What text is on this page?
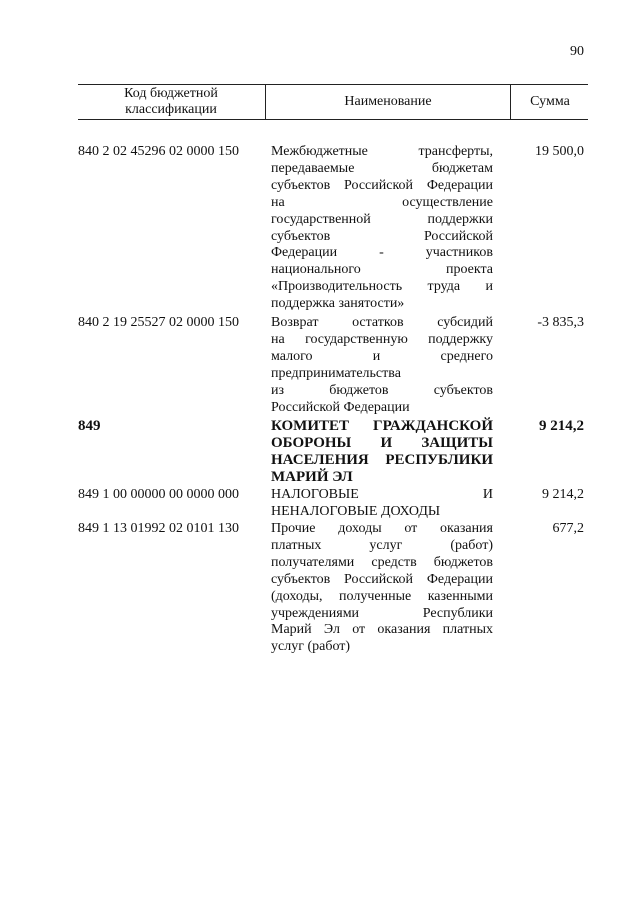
90
Код бюджетной классификации
Наименование	Сумма
840 2 02 45296 02 0000 150 Межбюджетные трансферты,
передаваемые бюджетам
субъектов Российской Федерации
на осуществление
государственной поддержки
субъектов Российской
Федерации - участников
национального проекта
«Производительность труда и
поддержка занятости»
19 500,0
840 2 19 25527 02 0000 150 Возврат остатков субсидий
на государственную поддержку
малого и среднего
предпринимательства
из бюджетов субъектов
Российской Федерации
-3 835,3
849	КОМИТЕТ ГРАЖДАНСКОЙ
ОБОРОНЫ И ЗАЩИТЫ
НАСЕЛЕНИЯ РЕСПУБЛИКИ
МАРИЙ ЭЛ
9 214,2
849 1 00 00000 00 0000 000 НАЛОГОВЫЕ И
НЕНАЛОГОВЫЕ ДОХОДЫ
9 214,2
849 1 13 01992 02 0101 130 Прочие доходы от оказания
платных услуг (работ)
получателями средств бюджетов
субъектов Российской Федерации
(доходы, полученные казенными
учреждениями Республики
Марий Эл от оказания платных
услуг (работ)
677,2
